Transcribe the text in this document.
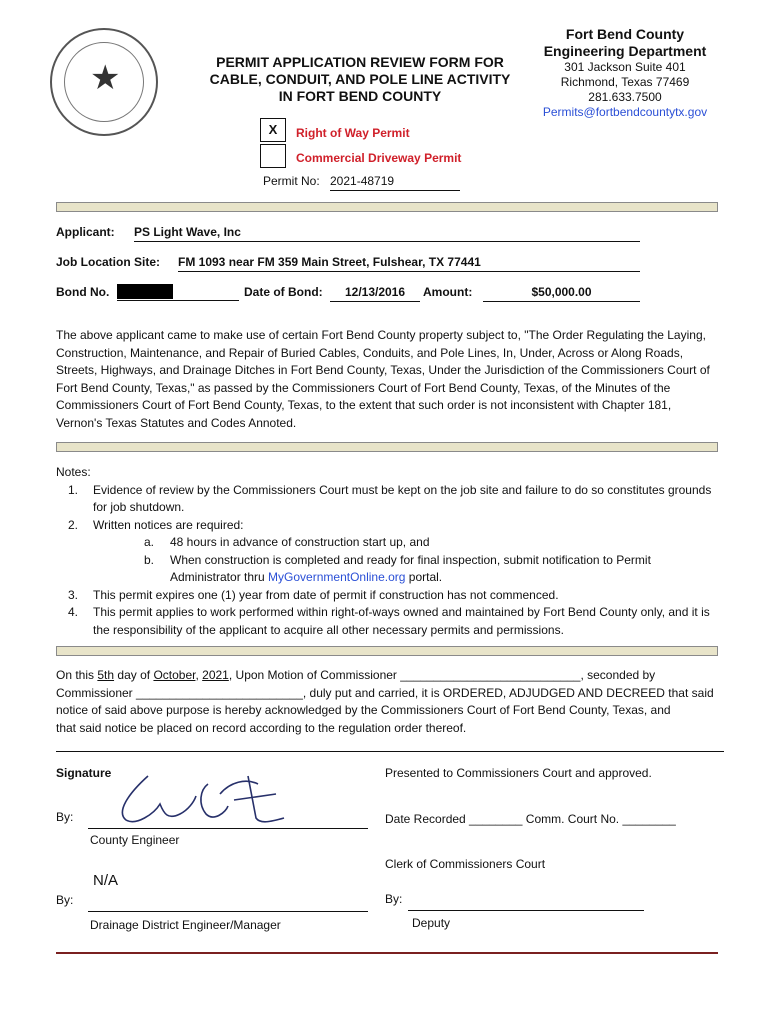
★	PERMIT APPLICATION REVIEW FORM FOR
CABLE, CONDUIT, AND POLE LINE ACTIVITY
IN FORT BEND COUNTY
Fort Bend County
Engineering Department
301 Jackson Suite 401
Richmond, Texas 77469
281.633.7500
Permits@fortbendcountytx.gov
X	Right of Way Permit
Commercial Driveway Permit
Permit No: 2021-48719
Applicant: PS Light Wave, Inc
Job Location Site: FM 1093 near FM 359 Main Street, Fulshear, TX 77441
Bond No.	Date of Bond:	12/13/2016	Amount:	$50,000.00
The above applicant came to make use of certain Fort Bend County property subject to, "The Order Regulating the Laying, Construction, Maintenance, and Repair of Buried Cables, Conduits, and Pole Lines, In, Under, Across or Along Roads, Streets, Highways, and Drainage Ditches in Fort Bend County, Texas, Under the Jurisdiction of the Commissioners Court of Fort Bend County, Texas," as passed by the Commissioners Court of Fort Bend County, Texas, of the Minutes of the Commissioners Court of Fort Bend County, Texas, to the extent that such order is not inconsistent with Chapter 181, Vernon's Texas Statutes and Codes Annoted.
Notes:
1.	Evidence of review by the Commissioners Court must be kept on the job site and failure to do so constitutes grounds for job shutdown.
2.	Written notices are required:
a.	48 hours in advance of construction start up, and
b.	When construction is completed and ready for final inspection, submit notification to Permit Administrator thru MyGovernmentOnline.org portal.
3.	This permit expires one (1) year from date of permit if construction has not commenced.
4.	This permit applies to work performed within right-of-ways owned and maintained by Fort Bend County only, and it is the responsibility of the applicant to acquire all other necessary permits and permissions.
On this 5th day of October, 2021, Upon Motion of Commissioner ___________________________, seconded by
Commissioner _________________________, duly put and carried, it is ORDERED, ADJUDGED AND DECREED that said
notice of said above purpose is hereby acknowledged by the Commissioners Court of Fort Bend County, Texas, and
that said notice be placed on record according to the regulation order thereof.
Signature
By:
County Engineer
N/A
By:
Drainage District Engineer/Manager
Presented to Commissioners Court and approved.
Date Recorded ________ Comm. Court No. ________
Clerk of Commissioners Court
By:
Deputy
